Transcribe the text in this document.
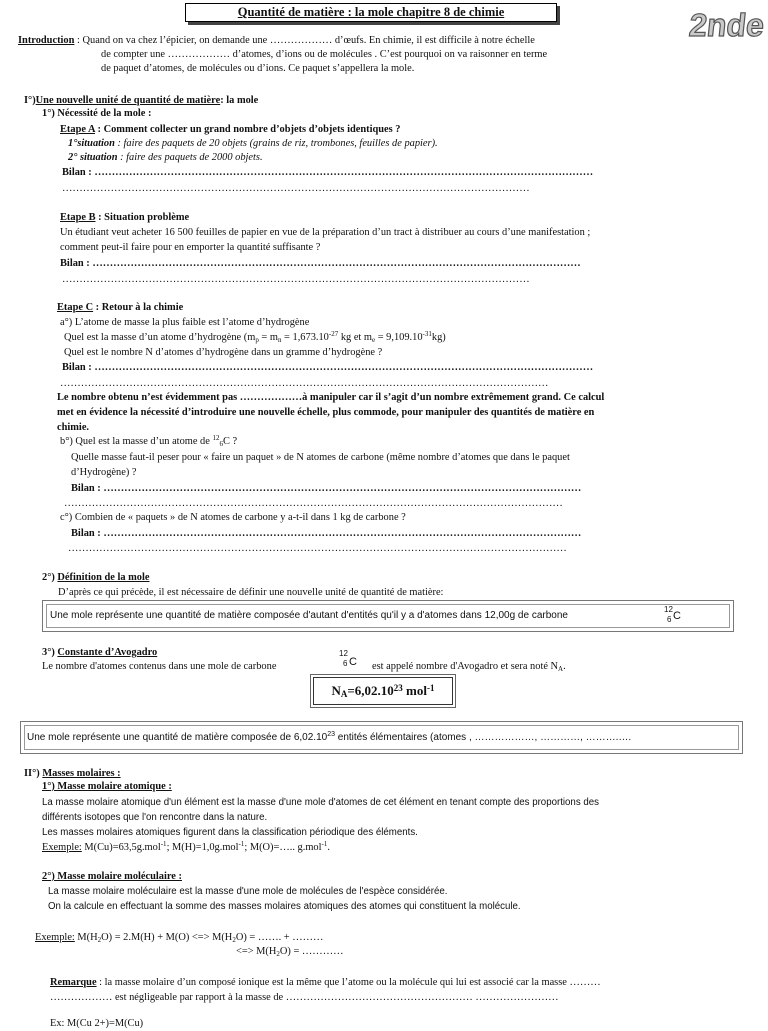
Quantité de matière : la mole chapitre 8 de chimie	2nde
Introduction : Quand on va chez l’épicier, on demande une ……………… d’œufs. En chimie, il est difficile à notre échelle
de compter une ……………… d’atomes, d’ions ou de molécules . C’est pourquoi on va raisonner en terme
de paquet d’atomes, de molécules ou d’ions. Ce paquet s’appellera la mole.
I°)Une nouvelle unité de quantité de matière: la mole
1°) Nécessité de la mole :
Etape A : Comment collecter un grand nombre d’objets d’objets identiques ?
1°situation : faire des paquets de 20 objets (grains de riz, trombones, feuilles de papier).
2° situation : faire des paquets de 2000 objets.
Bilan : ………………………………………………………………………………………………………………………………
………………………………………………………………………………………………………………………
Etape B : Situation problème
Un étudiant veut acheter 16 500 feuilles de papier en vue de la préparation d’un tract à distribuer au cours d’une manifestation ;
comment peut-il faire pour en emporter la quantité suffisante ?
Bilan : ……………………………………………………………………………………………………………………………
………………………………………………………………………………………………………………………
Etape C : Retour à la chimie
a°) L’atome de masse la plus faible est l’atome d’hydrogène
Quel est la masse d’un atome d’hydrogène (mp = mn = $1,673.10^{-27}$ kg et me = $9,109.10^{-31}kg$)
Quel est le nombre N d’atomes d’hydrogène dans un gramme d’hydrogène ?
Bilan : ………………………………………………………………………………………………………………………………
……………………………………………………………………………………………………………………………
Le nombre obtenu n’est évidemment pas ………………à manipuler car il s’agit d’un nombre extrêmement grand. Ce calcul
met en évidence la nécessité d’introduire une nouvelle échelle, plus commode, pour manipuler des quantités de matière en
chimie.
b°) Quel est la masse d’un atome de $^{12}$6C ?
Quelle masse faut-il peser pour « faire un paquet » de N atomes de carbone (même nombre d’atomes que dans le paquet
d’Hydrogène) ?
Bilan : …………………………………………………………………………………………………………………………
………………………………………………………………………………………………………………………………
c°) Combien de « paquets » de N atomes de carbone y a-t-il dans 1 kg de carbone ?
Bilan : …………………………………………………………………………………………………………………………
………………………………………………………………………………………………………………………………
2°) Définition de la mole
D’après ce qui précède, il est nécessaire de définir une nouvelle unité de quantité de matière:
Une mole représente une quantité de matière composée d'autant d'entités qu'il y a d'atomes dans 12,00g de carbone
12
6 C
3°) Constante d’Avogadro
Le nombre d'atomes contenus dans une mole de carbone
12
6 C est appelé nombre d'Avogadro et sera noté NA.
$NA=6,02.10^{23}$ mol$^{-1}$
Une mole représente une quantité de matière composée de 6,02.10$^{23}$ entités élémentaires (atomes , ………………, …………, ……….….
II°) Masses molaires :
1°) Masse molaire atomique :
La masse molaire atomique d'un élément est la masse d'une mole d'atomes de cet élément en tenant compte des proportions des
différents isotopes que l'on rencontre dans la nature.
Les masses molaires atomiques figurent dans la classification périodique des éléments.
Exemple: M(Cu)=63,5g.mol$^{-1}$; M(H)=1,0g.mol$^{-1}$; M(O)=….. g.mol$^{-1}$.
2°) Masse molaire moléculaire :
La masse molaire moléculaire est la masse d'une mole de molécules de l'espèce considérée.
On la calcule en effectuant la somme des masses molaires atomiques des atomes qui constituent la molécule.
Exemple: M(H2O) = 2.M(H) + M(O) <=> M(H2O) = ……. + ………
<=> M(H2O) = …………
Remarque : la masse molaire d’un composé ionique est la même que l’atome ou la molécule qui lui est associé car la masse ………
……………… est négligeable par rapport à la masse de ……………………………………………… ……………………
Ex: M(Cu 2+)=M(Cu)
